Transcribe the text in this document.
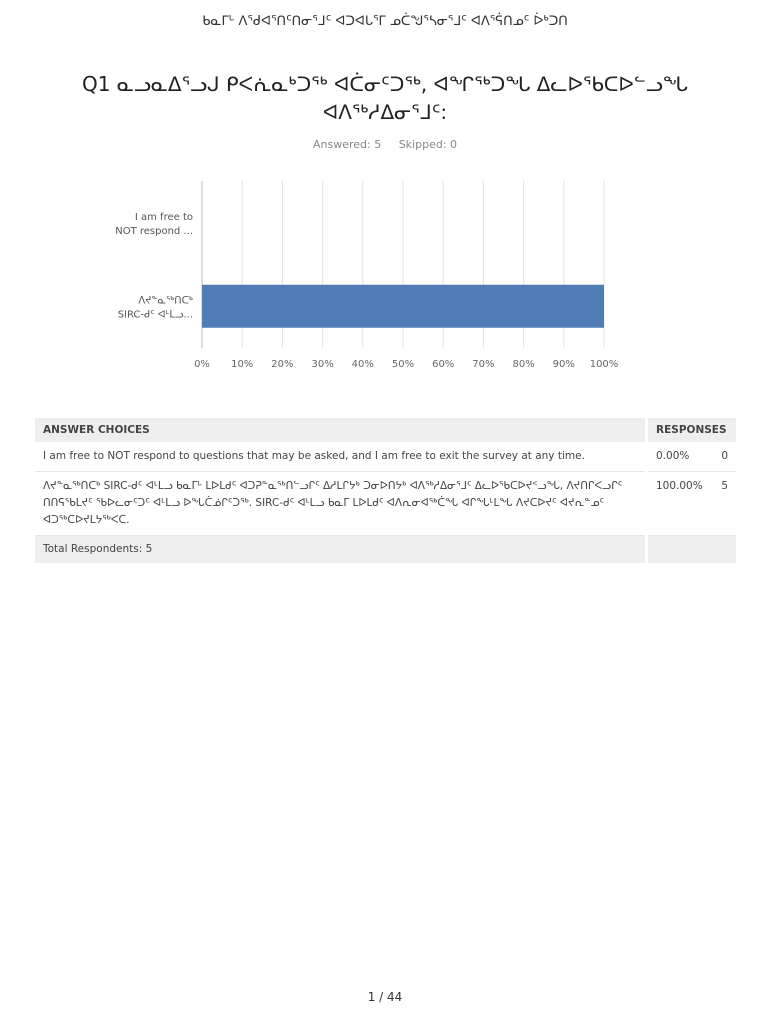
ᑲᓇᒥᒡ ᐱᖁᐊᕐᑎᑦᑎᓂᕐᒧᑦ ᐊᑐᐊᒐᕐᒥ ᓄᑖᖑᕐᓴᓂᕐᒧᑦ ᐊᐱᕐᕌᑎᓄᑦ ᐆᒃᑐᑎ
Q1 ᓇᓗᓇᐃᕐᓗᒍ ᑭᐸᕇᓇᒃᑐᖅ ᐊᑖᓂᑦᑐᖅ, ᐊᖏᖅᑐᖓ ᐃᓚᐅᖃᑕᐅᓪᓗᖓ ᐊᐱᖅᓱᐃᓂᕐᒧᑦ:
Answered: 5 Skipped: 0
0% 10% 20% 30% 40% 50% 60% 70% 80% 90% 100%
I am free to NOT respond ...
ᐱᔪᓐᓇᖅᑎᑕᒃ SIRC-ᑯᑦ ᐊᒻᒪᓗ...
ANSWER CHOICES	RESPONSES	
I am free to NOT respond to questions that may be asked, and I am free to exit the survey at any time.	0.00%	0
ᐱᔪᓐᓇᖅᑎᑕᒃ SIRC-ᑯᑦ ᐊᒻᒪᓗ ᑲᓇᒥᒡ ᒪᐅᒪᑯᑦ ᐊᑐᕈᓐᓇᖅᑎᓪᓗᒋᑦ ᐃᓱᒪᒋᔭᒃ ᑐᓂᐅᑎᔭᒃ ᐊᐱᖅᓱᐃᓂᕐᒧᑦ ᐃᓚᐅᖃᑕᐅᔪᑉᓗᖓ, ᐱᔪᑎᒋᐸᓗᒋᑦ ᑎᑎᕋᖃᒪᔪᑦ ᖃᐅᓚᓂᑦᑐᑦ ᐊᒻᒪᓗ ᐅᖓᑖᓅᒋᑦᑐᖅ. SIRC-ᑯᑦ ᐊᒻᒪᓗ ᑲᓇᒥ ᒪᐅᒪᑯᑦ ᐊᐱᕆᓂᐊᖅᑖᖓ ᐊᒋᖓᒻᒪᖓ ᐱᔪᑕᐅᔪᑦ ᐊᔪᕆᓐᓄᑦ ᐊᑐᖅᑕᐅᔪᒪᔭᖅᐸᑕ.	100.00%	5
Total Respondents: 5		
1 / 44
